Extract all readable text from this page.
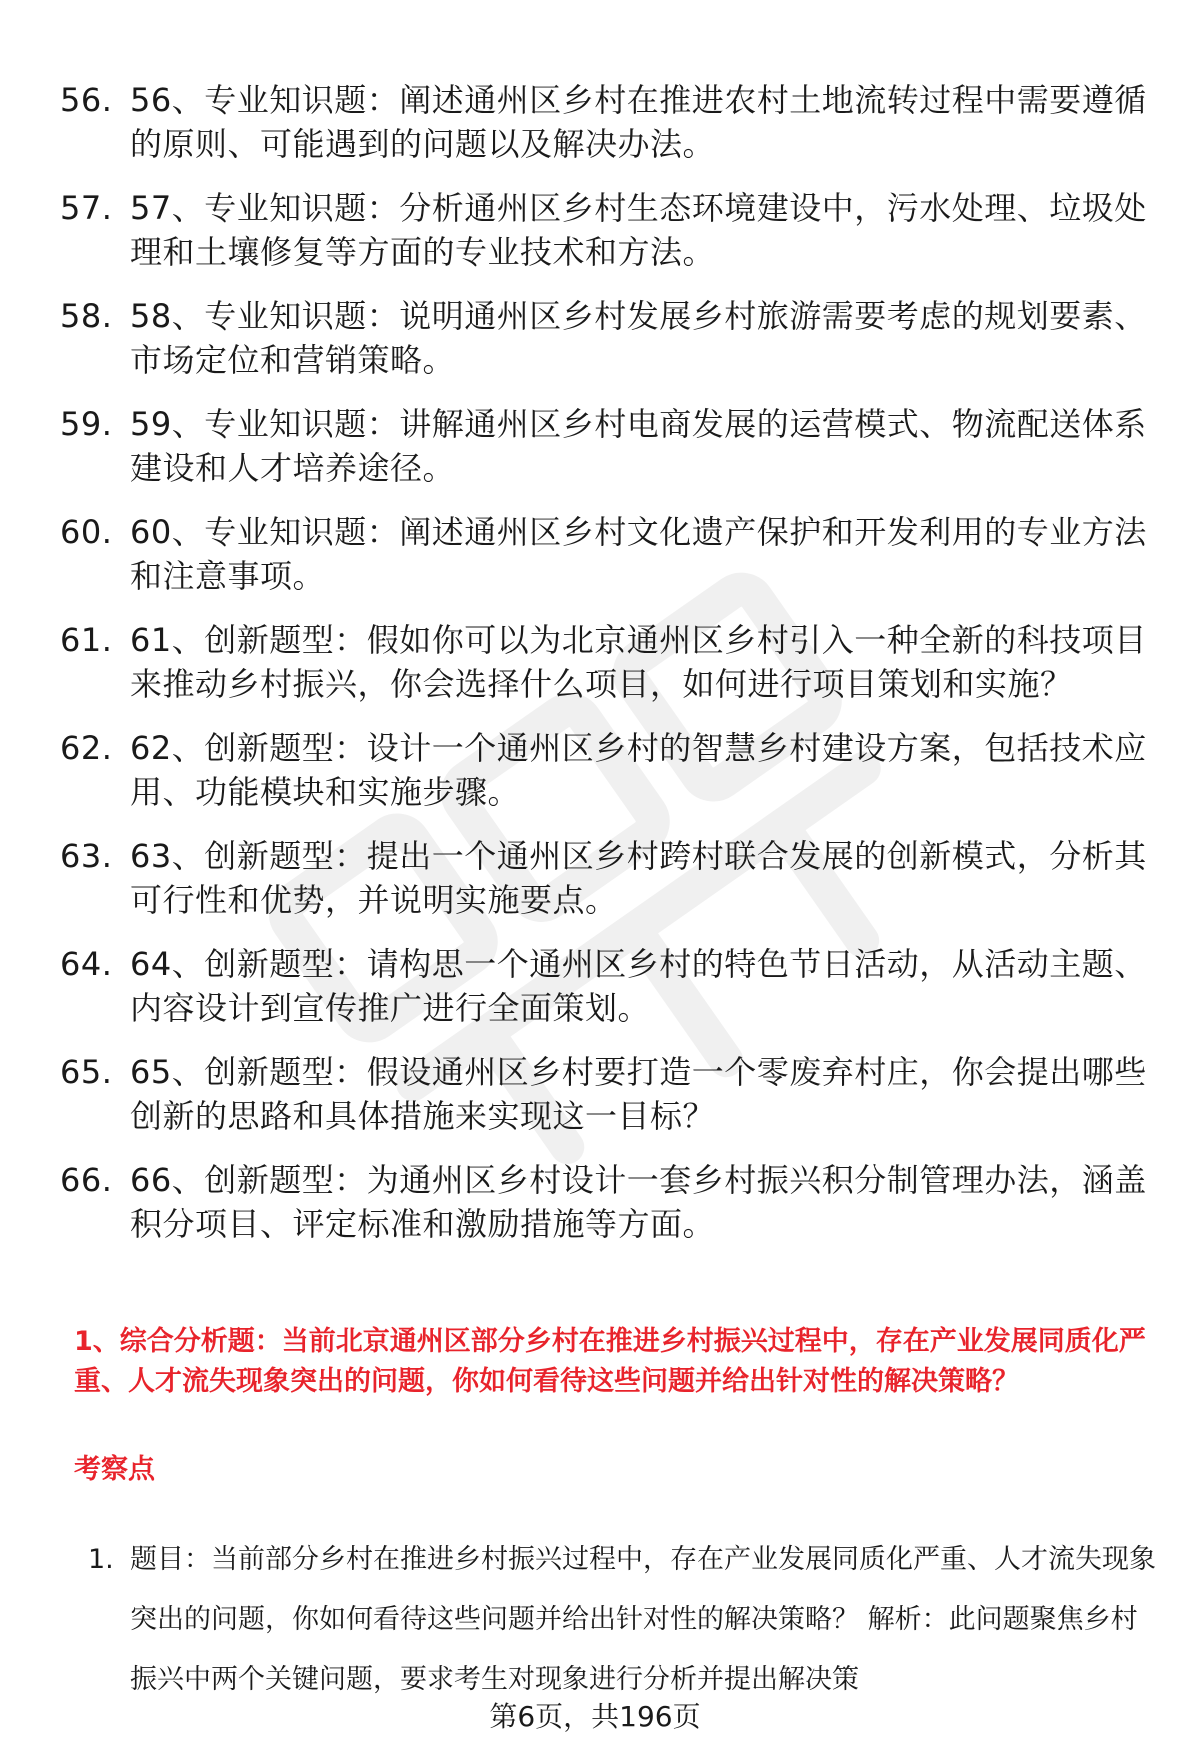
56. 56、专业知识题：阐述通州区乡村在推进农村土地流转过程中需要遵循的原则、可能遇到的问题以及解决办法。
57. 57、专业知识题：分析通州区乡村生态环境建设中，污水处理、垃圾处理和土壤修复等方面的专业技术和方法。
58. 58、专业知识题：说明通州区乡村发展乡村旅游需要考虑的规划要素、市场定位和营销策略。
59. 59、专业知识题：讲解通州区乡村电商发展的运营模式、物流配送体系建设和人才培养途径。
60. 60、专业知识题：阐述通州区乡村文化遗产保护和开发利用的专业方法和注意事项。
61. 61、创新题型：假如你可以为北京通州区乡村引入一种全新的科技项目来推动乡村振兴，你会选择什么项目，如何进行项目策划和实施？
62. 62、创新题型：设计一个通州区乡村的智慧乡村建设方案，包括技术应用、功能模块和实施步骤。
63. 63、创新题型：提出一个通州区乡村跨村联合发展的创新模式，分析其可行性和优势，并说明实施要点。
64. 64、创新题型：请构思一个通州区乡村的特色节日活动，从活动主题、内容设计到宣传推广进行全面策划。
65. 65、创新题型：假设通州区乡村要打造一个零废弃村庄，你会提出哪些创新的思路和具体措施来实现这一目标？
66. 66、创新题型：为通州区乡村设计一套乡村振兴积分制管理办法，涵盖积分项目、评定标准和激励措施等方面。
1、综合分析题：当前北京通州区部分乡村在推进乡村振兴过程中，存在产业发展同质化严重、人才流失现象突出的问题，你如何看待这些问题并给出针对性的解决策略？
考察点
1. 题目：当前部分乡村在推进乡村振兴过程中，存在产业发展同质化严重、人才流失现象突出的问题，你如何看待这些问题并给出针对性的解决策略？ 解析：此问题聚焦乡村振兴中两个关键问题，要求考生对现象进行分析并提出解决策
第6页，共196页
